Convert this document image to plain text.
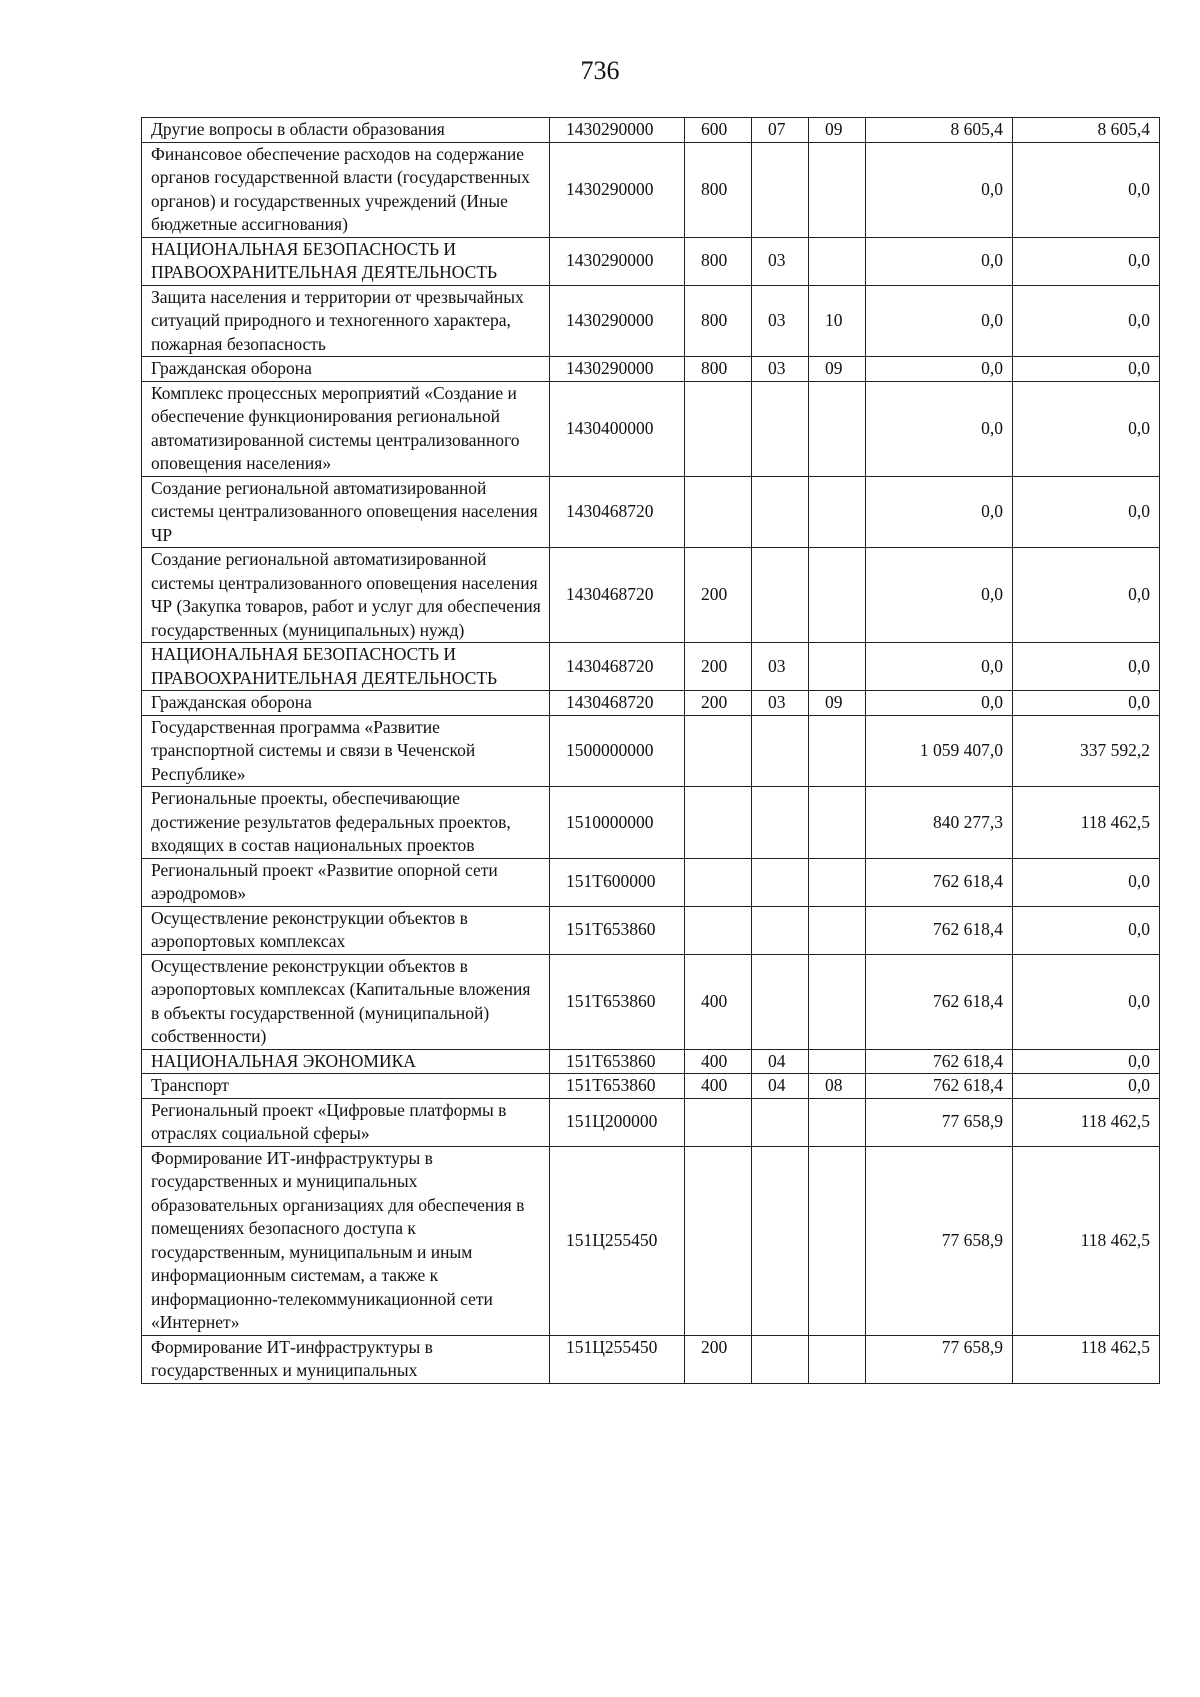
736
Другие вопросы в области образования	1430290000	600	07	09	8 605,4	8 605,4
Финансовое обеспечение расходов на содержание органов государственной власти (государственных органов) и государственных учреждений (Иные бюджетные ассигнования)	1430290000	800			0,0	0,0
НАЦИОНАЛЬНАЯ БЕЗОПАСНОСТЬ И ПРАВООХРАНИТЕЛЬНАЯ ДЕЯТЕЛЬНОСТЬ	1430290000	800	03		0,0	0,0
Защита населения и территории от чрезвычайных ситуаций природного и техногенного характера, пожарная безопасность	1430290000	800	03	10	0,0	0,0
Гражданская оборона	1430290000	800	03	09	0,0	0,0
Комплекс процессных мероприятий «Создание и обеспечение функционирования региональной автоматизированной системы централизованного оповещения населения»	1430400000				0,0	0,0
Создание региональной автоматизированной системы централизованного оповещения населения ЧР	1430468720				0,0	0,0
Создание региональной автоматизированной системы централизованного оповещения населения ЧР (Закупка товаров, работ и услуг для обеспечения государственных (муниципальных) нужд)	1430468720	200			0,0	0,0
НАЦИОНАЛЬНАЯ БЕЗОПАСНОСТЬ И ПРАВООХРАНИТЕЛЬНАЯ ДЕЯТЕЛЬНОСТЬ	1430468720	200	03		0,0	0,0
Гражданская оборона	1430468720	200	03	09	0,0	0,0
Государственная программа «Развитие транспортной системы и связи в Чеченской Республике»	1500000000				1 059 407,0	337 592,2
Региональные проекты, обеспечивающие достижение результатов федеральных проектов, входящих в состав национальных проектов	1510000000				840 277,3	118 462,5
Региональный проект «Развитие опорной сети аэродромов»	151Т600000				762 618,4	0,0
Осуществление реконструкции объектов в аэропортовых комплексах	151Т653860				762 618,4	0,0
Осуществление реконструкции объектов в аэропортовых комплексах (Капитальные вложения в объекты государственной (муниципальной) собственности)	151Т653860	400			762 618,4	0,0
НАЦИОНАЛЬНАЯ ЭКОНОМИКА	151Т653860	400	04		762 618,4	0,0
Транспорт	151Т653860	400	04	08	762 618,4	0,0
Региональный проект «Цифровые платформы в отраслях социальной сферы»	151Ц200000				77 658,9	118 462,5
Формирование ИТ-инфраструктуры в государственных и муниципальных образовательных организациях для обеспечения в помещениях безопасного доступа к государственным, муниципальным и иным информационным системам, а также к информационно-телекоммуникационной сети «Интернет»	151Ц255450				77 658,9	118 462,5
Формирование ИТ-инфраструктуры в государственных и муниципальных	151Ц255450	200			77 658,9	118 462,5
